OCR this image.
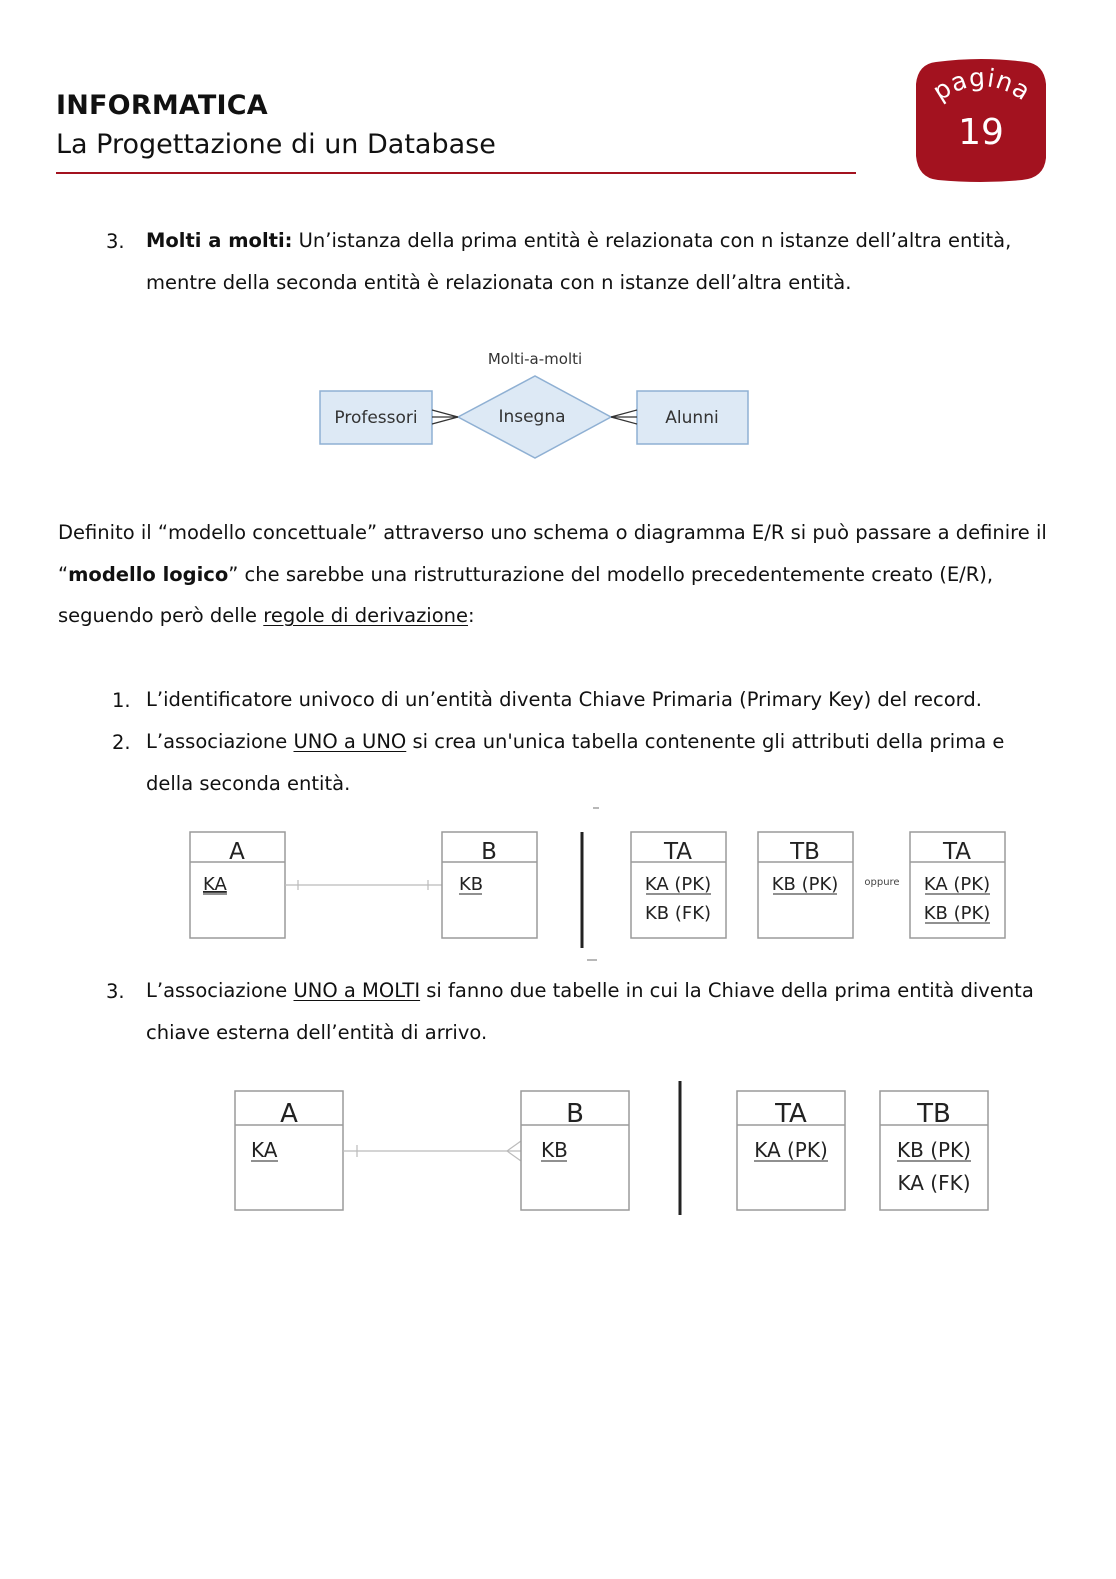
INFORMATICA
La Progettazione di un Database
pagina
19
3. Molti a molti: Un’istanza della prima entità è relazionata con n istanze dell’altra entità,
mentre della seconda entità è relazionata con n istanze dell’altra entità.
Molti-a-molti
Professori	Insegna	Alunni
Definito il “modello concettuale” attraverso uno schema o diagramma E/R si può passare a definire il
“modello logico” che sarebbe una ristrutturazione del modello precedentemente creato (E/R),
seguendo però delle regole di derivazione:
1. L’identificatore univoco di un’entità diventa Chiave Primaria (Primary Key) del record.
2. L’associazione UNO a UNO si crea un'unica tabella contenente gli attributi della prima e
della seconda entità.
A
KA
B
KB
TA
KA (PK)
KB (FK)
TB
KB (PK)	oppure
TA
KA (PK)
KB (PK)
3. L’associazione UNO a MOLTI si fanno due tabelle in cui la Chiave della prima entità diventa
chiave esterna dell’entità di arrivo.
A
KA
B
KB
TA
KA (PK)
TB
KB (PK)
KA (FK)
